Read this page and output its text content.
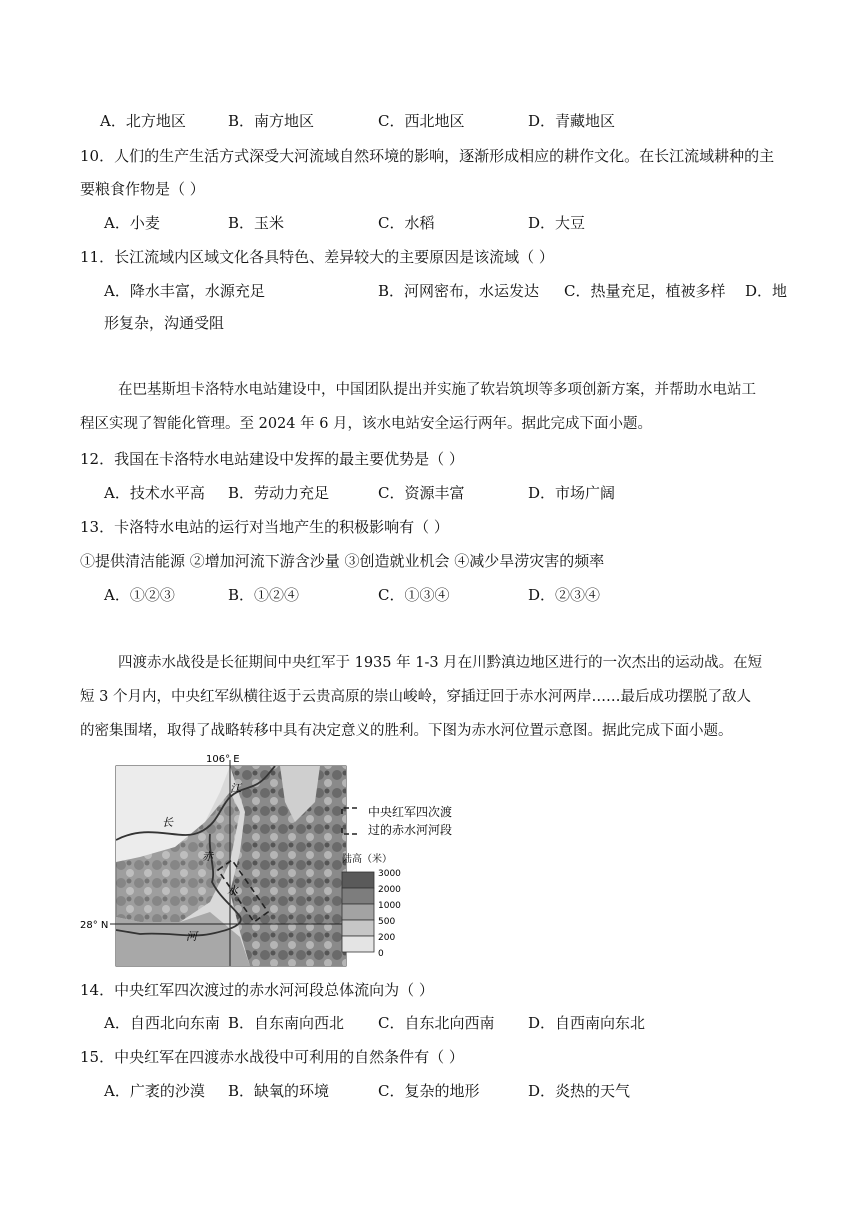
A．北方地区	B．南方地区	C．西北地区	D．青藏地区
10．人们的生产生活方式深受大河流域自然环境的影响，逐渐形成相应的耕作文化。在长江流域耕种的主
要粮食作物是（ ）
A．小麦	B．玉米	C．水稻	D．大豆
11．长江流域内区域文化各具特色、差异较大的主要原因是该流域（ ）
A．降水丰富，水源充足	B．河网密布，水运发达 C．热量充足，植被多样 D．地
形复杂，沟通受阻
在巴基斯坦卡洛特水电站建设中，中国团队提出并实施了软岩筑坝等多项创新方案，并帮助水电站工
程区实现了智能化管理。至 2024 年 6 月，该水电站安全运行两年。据此完成下面小题。
12．我国在卡洛特水电站建设中发挥的最主要优势是（ ）
A．技术水平高 B．劳动力充足	C．资源丰富	D．市场广阔
13．卡洛特水电站的运行对当地产生的积极影响有（ ）
①提供清洁能源 ②增加河流下游含沙量 ③创造就业机会 ④减少旱涝灾害的频率
A．①②③	B．①②④	C．①③④	D．②③④
四渡赤水战役是长征期间中央红军于 1935 年 1-3 月在川黔滇边地区进行的一次杰出的运动战。在短
短 3 个月内，中央红军纵横往返于云贵高原的崇山峻岭，穿插迂回于赤水河两岸……最后成功摆脱了敌人
的密集围堵，取得了战略转移中具有决定意义的胜利。下图为赤水河位置示意图。据此完成下面小题。
106° E
28° N
江
长
赤
水
河
中央红军四次渡
过的赤水河河段
陆高（米）
3000
2000
1000
500
200
0
14．中央红军四次渡过的赤水河河段总体流向为（ ）
A．自西北向东南 B．自东南向西北 C．自东北向西南 D．自西南向东北
15．中央红军在四渡赤水战役中可利用的自然条件有（ ）
A．广袤的沙漠 B．缺氧的环境	C．复杂的地形	D．炎热的天气
